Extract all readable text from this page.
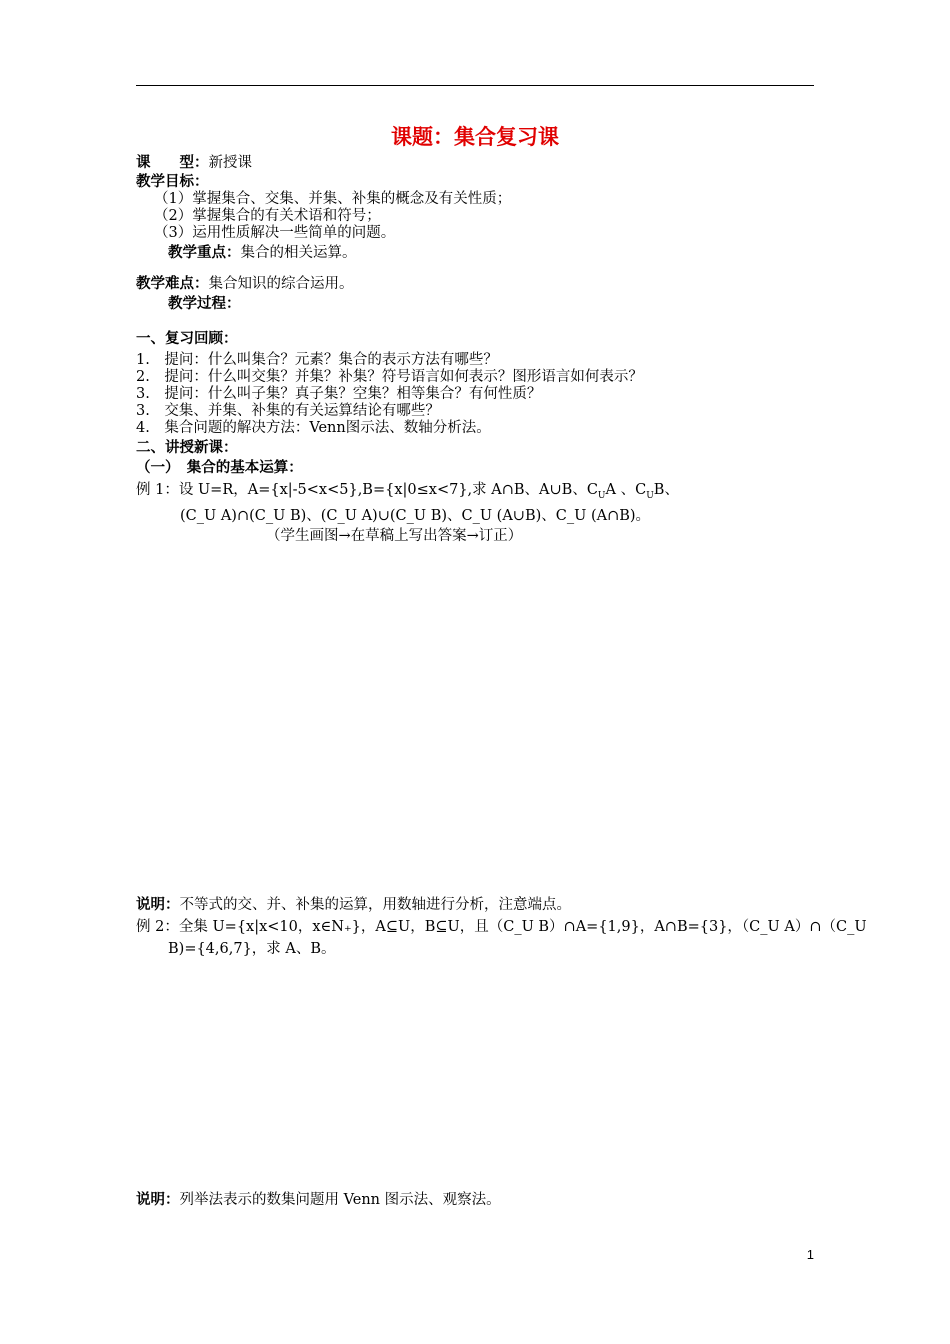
课题：集合复习课
课　　型：新授课
教学目标：
（1）掌握集合、交集、并集、补集的概念及有关性质；
（2）掌握集合的有关术语和符号；
（3）运用性质解决一些简单的问题。
教学重点：集合的相关运算。
教学难点：集合知识的综合运用。
教学过程：
一、复习回顾：
1.　提问：什么叫集合？元素？集合的表示方法有哪些？
2.　提问：什么叫交集？并集？补集？符号语言如何表示？图形语言如何表示？
3.　提问：什么叫子集？真子集？空集？相等集合？有何性质？
3.　交集、并集、补集的有关运算结论有哪些？
4.　集合问题的解决方法：Venn图示法、数轴分析法。
二、讲授新课：
（一）　集合的基本运算：
例 1：设 U=R，A={x|-5<x<5},B={x|0≤x<7},求 A∩B、A∪B、$C_UA$ 、$C_UB$、
(C_U A)∩(C_U B)、(C_U A)∪(C_U B)、C_U (A∪B)、C_U (A∩B)。
（学生画图→在草稿上写出答案→订正）
说明：不等式的交、并、补集的运算，用数轴进行分析，注意端点。
例 2：全集 U={x|x<10，x∈N₊}，A⊆U，B⊆U，且（C_U B）∩A={1,9}，A∩B={3}，（C_U A）∩（C_U
B)={4,6,7}，求 A、B。
说明：列举法表示的数集问题用 Venn 图示法、观察法。
1
